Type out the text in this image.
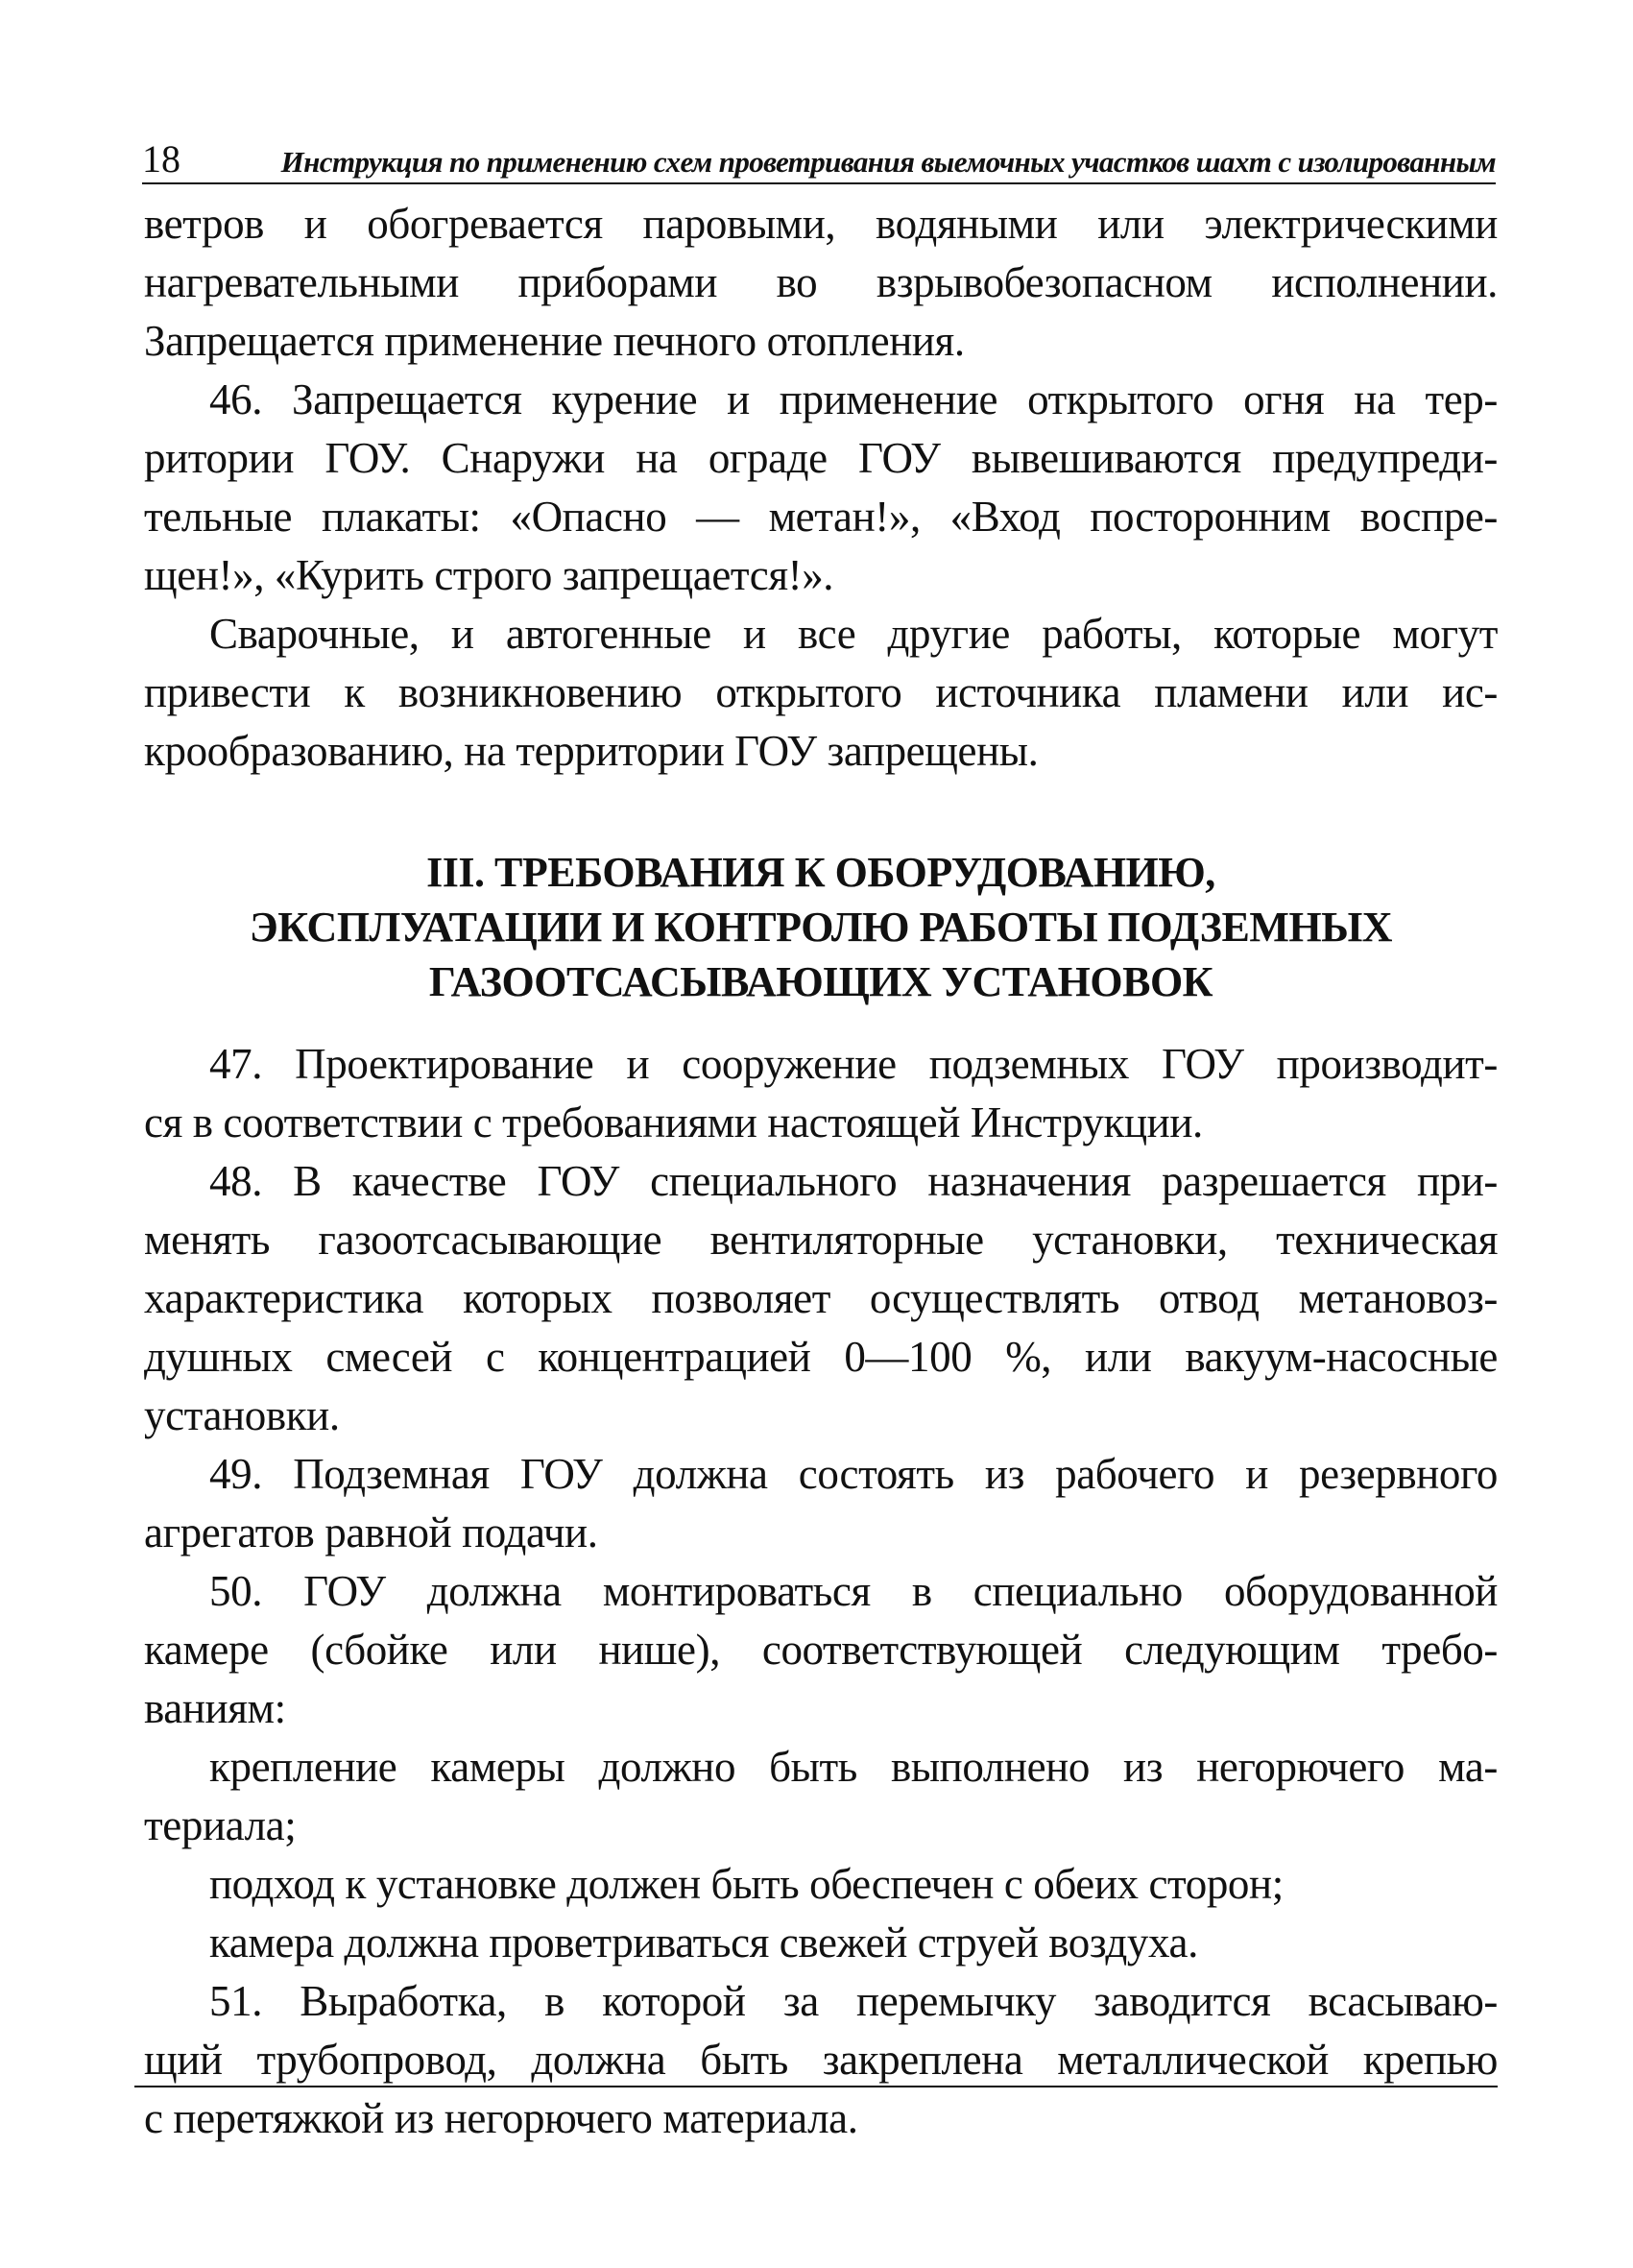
18	Инструкция по применению схем проветривания выемочных участков шахт с изолированным

ветров и обогревается паровыми, водяными или электрическими
нагревательными приборами во взрывобезопасном исполнении.
Запрещается применение печного отопления.

46. Запрещается курение и применение открытого огня на тер-
ритории ГОУ. Снаружи на ограде ГОУ вывешиваются предупреди-
тельные плакаты: «Опасно — метан!», «Вход посторонним воспре-
щен!», «Курить строго запрещается!».

Сварочные, и автогенные и все другие работы, которые могут
привести к возникновению открытого источника пламени или ис-
крообразованию, на территории ГОУ запрещены.

III. ТРЕБОВАНИЯ К ОБОРУДОВАНИЮ,
ЭКСПЛУАТАЦИИ И КОНТРОЛЮ РАБОТЫ ПОДЗЕМНЫХ
ГАЗООТСАСЫВАЮЩИХ УСТАНОВОК

47. Проектирование и сооружение подземных ГОУ производит-
ся в соответствии с требованиями настоящей Инструкции.

48. В качестве ГОУ специального назначения разрешается при-
менять газоотсасывающие вентиляторные установки, техническая
характеристика которых позволяет осуществлять отвод метановоз-
душных смесей с концентрацией 0—100 %, или вакуум-насосные
установки.

49. Подземная ГОУ должна состоять из рабочего и резервного
агрегатов равной подачи.

50. ГОУ должна монтироваться в специально оборудованной
камере (сбойке или нише), соответствующей следующим требо-
ваниям:

крепление камеры должно быть выполнено из негорючего ма-
териала;

подход к установке должен быть обеспечен с обеих сторон;

камера должна проветриваться свежей струей воздуха.

51. Выработка, в которой за перемычку заводится всасываю-
щий трубопровод, должна быть закреплена металлической крепью
с перетяжкой из негорючего материала.
